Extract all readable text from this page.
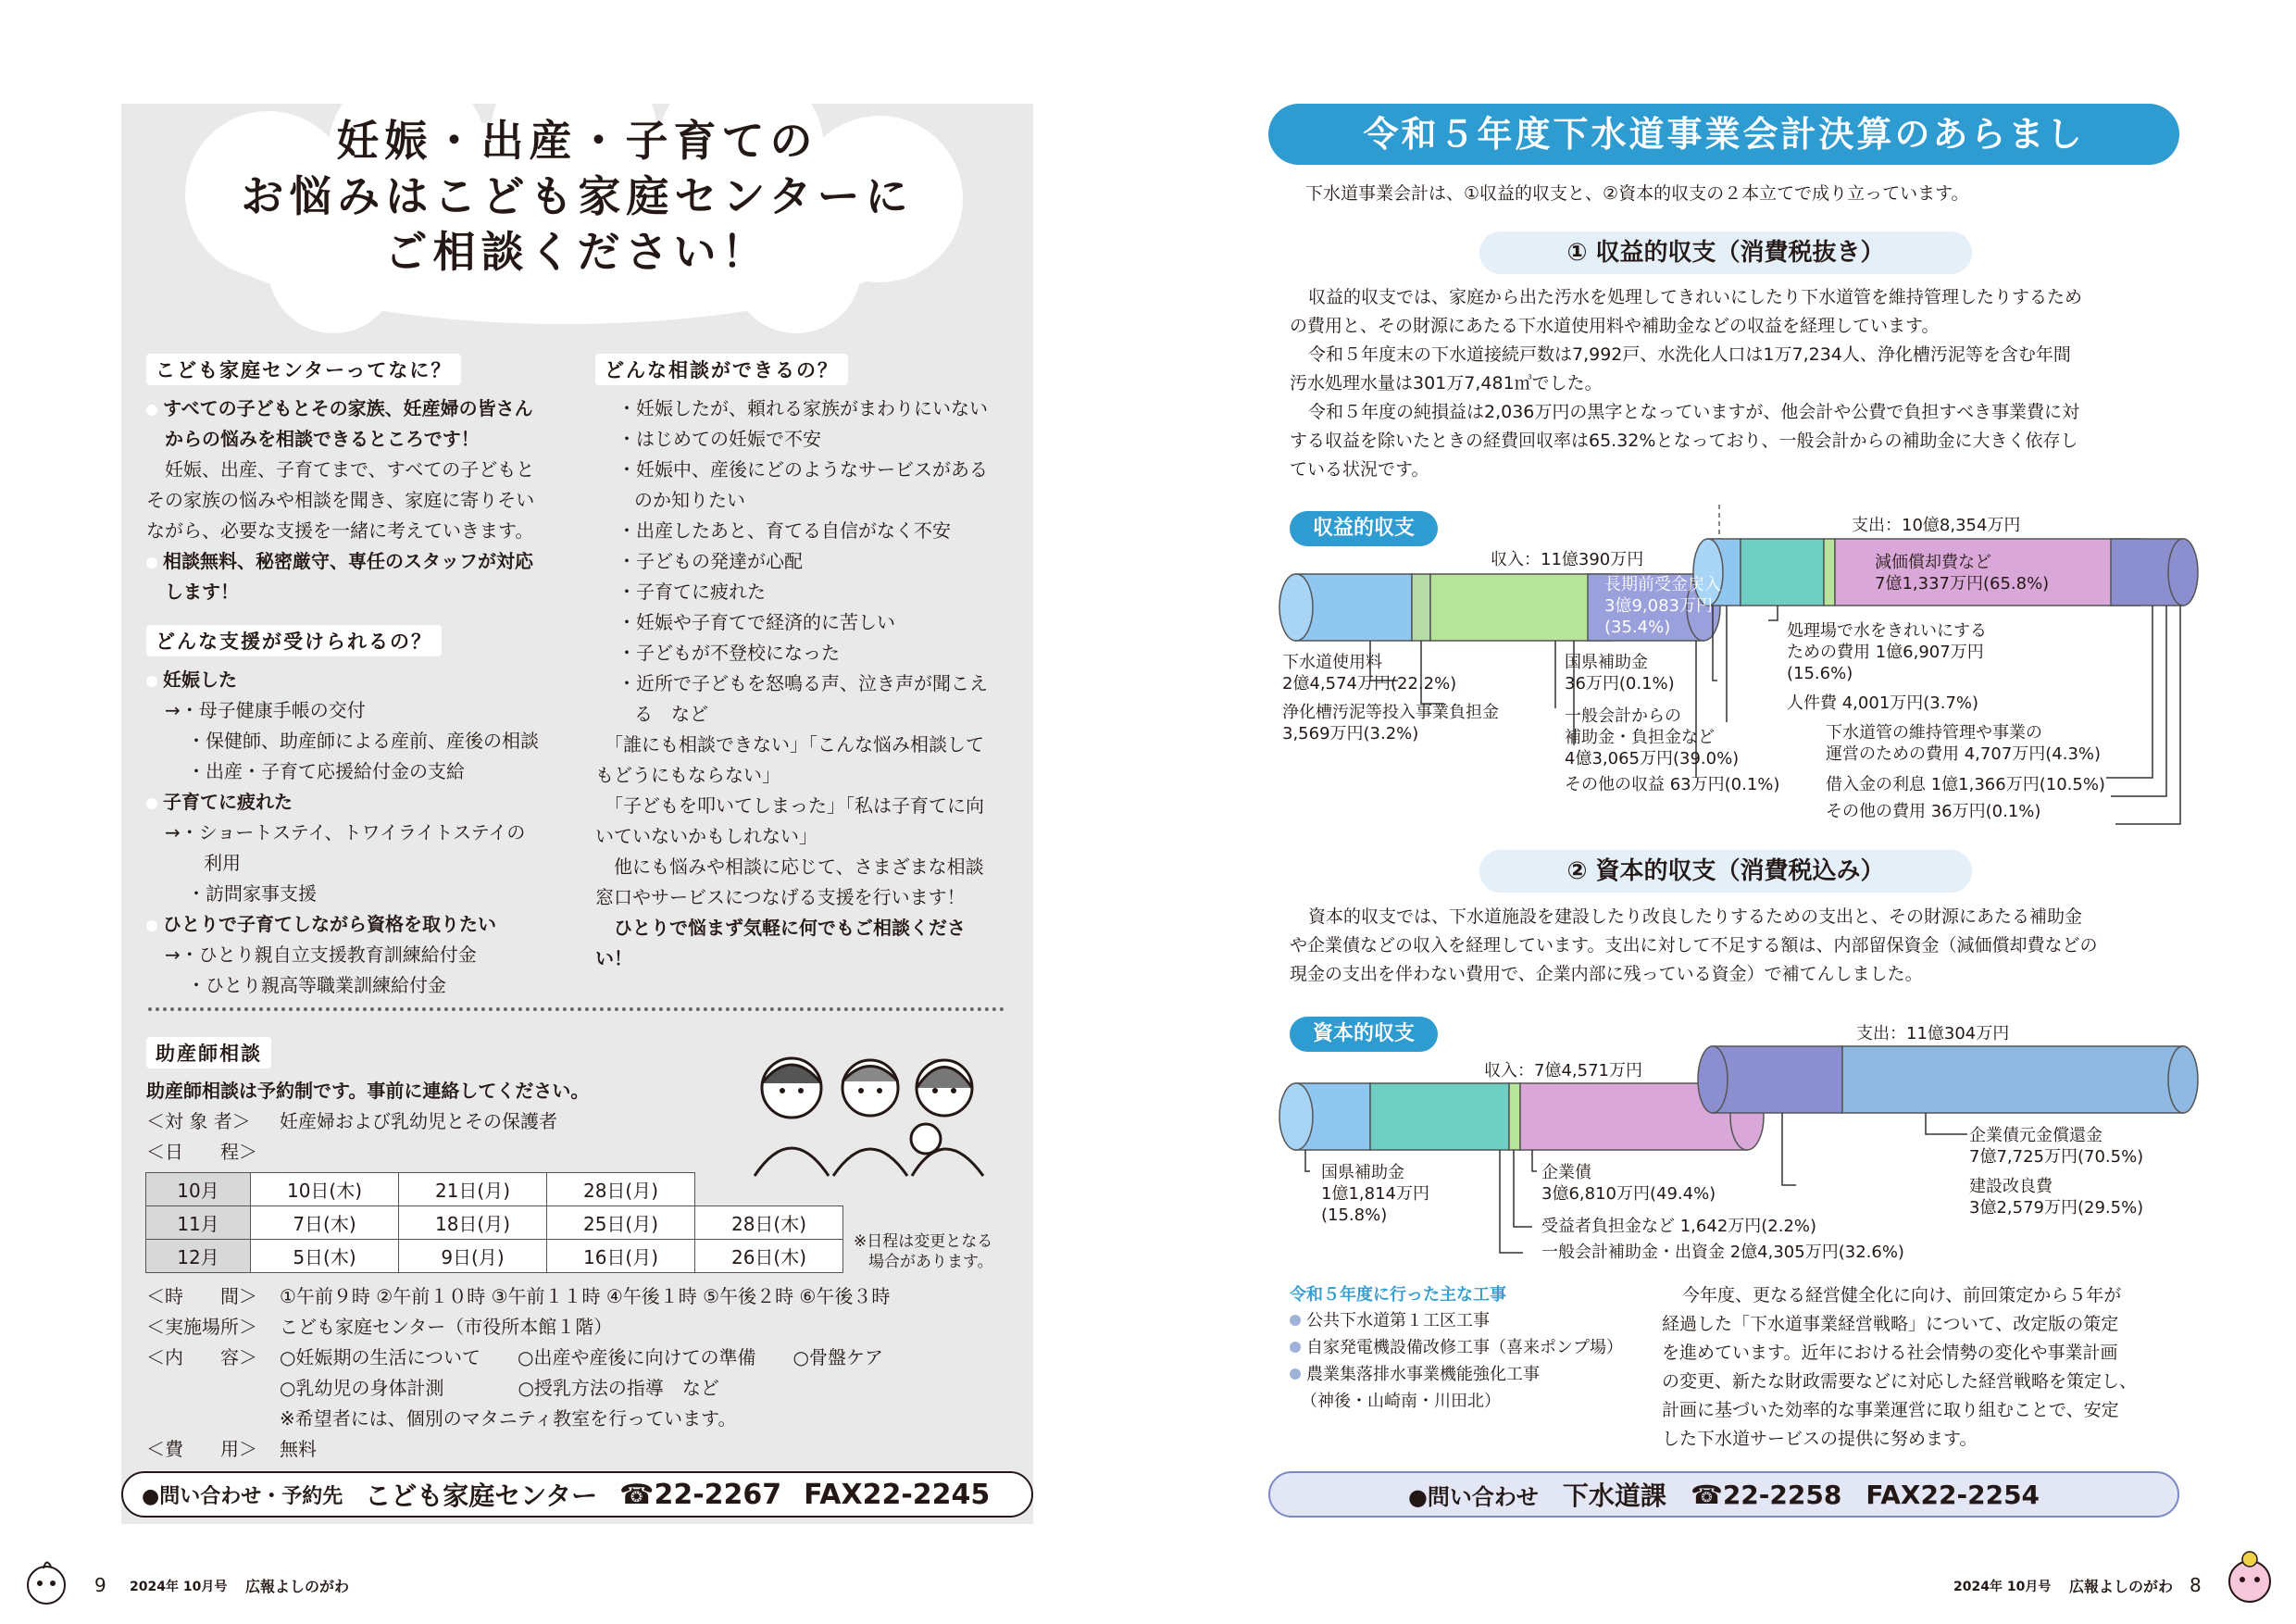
妊娠・出産・子育ての
お悩みはこども家庭センターに
ご相談ください！
こども家庭センターってなに？
すべての子どもとその家族、妊産婦の皆さん
からの悩みを相談できるところです！
妊娠、出産、子育てまで、すべての子どもと
その家族の悩みや相談を聞き、家庭に寄りそい
ながら、必要な支援を一緒に考えていきます。
相談無料、秘密厳守、専任のスタッフが対応
します！
どんな支援が受けられるの？
妊娠した
→・母子健康手帳の交付
・保健師、助産師による産前、産後の相談
・出産・子育て応援給付金の支給
子育てに疲れた
→・ショートステイ、トワイライトステイの
利用
・訪問家事支援
ひとりで子育てしながら資格を取りたい
→・ひとり親自立支援教育訓練給付金
・ひとり親高等職業訓練給付金
どんな相談ができるの？
・妊娠したが、頼れる家族がまわりにいない
・はじめての妊娠で不安
・妊娠中、産後にどのようなサービスがある
のか知りたい
・出産したあと、育てる自信がなく不安
・子どもの発達が心配
・子育てに疲れた
・妊娠や子育てで経済的に苦しい
・子どもが不登校になった
・近所で子どもを怒鳴る声、泣き声が聞こえ
る　など
「誰にも相談できない」「こんな悩み相談して
もどうにもならない」
「子どもを叩いてしまった」「私は子育てに向
いていないかもしれない」
他にも悩みや相談に応じて、さまざまな相談
窓口やサービスにつなげる支援を行います！
ひとりで悩まず気軽に何でもご相談くださ
い！
助産師相談
助産師相談は予約制です。事前に連絡してください。
＜対 象 者＞ 妊産婦および乳幼児とその保護者
＜日　　程＞
10月	10日(木)	21日(月)	28日(月)	
11月	7日(木)	18日(月)	25日(月)	28日(木)
12月	5日(木)	9日(月)	16日(月)	26日(木)
※日程は変更となる
場合があります。
＜時　　間＞ ①午前９時 ②午前１０時 ③午前１１時 ④午後１時 ⑤午後２時 ⑥午後３時
＜実施場所＞ こども家庭センター（市役所本館１階）
＜内　　容＞ ○妊娠期の生活について　　○出産や産後に向けての準備　　○骨盤ケア
○乳幼児の身体計測　　　　○授乳方法の指導　など
※希望者には、個別のマタニティ教室を行っています。
＜費　　用＞ 無料
●問い合わせ・予約先 こども家庭センター ☎22-2267 FAX22-2245
9 2024年 10月号 広報よしのがわ
令和５年度下水道事業会計決算のあらまし
下水道事業会計は、①収益的収支と、②資本的収支の２本立てで成り立っています。
① 収益的収支（消費税抜き）
収益的収支では、家庭から出た汚水を処理してきれいにしたり下水道管を維持管理したりするため
の費用と、その財源にあたる下水道使用料や補助金などの収益を経理しています。
令和５年度末の下水道接続戸数は7,992戸、水洗化人口は1万7,234人、浄化槽汚泥等を含む年間
汚水処理水量は301万7,481㎥でした。
令和５年度の純損益は2,036万円の黒字となっていますが、他会計や公費で負担すべき事業費に対
する収益を除いたときの経費回収率は65.32%となっており、一般会計からの補助金に大きく依存し
ている状況です。
収益的収支
収入：11億390万円
支出：10億8,354万円
長期前受金戻入
3億9,083万円
(35.4%)
減価償却費など
7億1,337万円(65.8%)
下水道使用料
2億4,574万円(22.2%)
浄化槽汚泥等投入事業負担金
3,569万円(3.2%)
国県補助金
36万円(0.1%)
一般会計からの
補助金・負担金など
4億3,065万円(39.0%)
その他の収益 63万円(0.1%)
処理場で水をきれいにする
ための費用 1億6,907万円
(15.6%)
人件費 4,001万円(3.7%)
下水道管の維持管理や事業の
運営のための費用 4,707万円(4.3%)
借入金の利息 1億1,366万円(10.5%)
その他の費用 36万円(0.1%)
② 資本的収支（消費税込み）
資本的収支では、下水道施設を建設したり改良したりするための支出と、その財源にあたる補助金
や企業債などの収入を経理しています。支出に対して不足する額は、内部留保資金（減価償却費などの
現金の支出を伴わない費用で、企業内部に残っている資金）で補てんしました。
資本的収支
収入：7億4,571万円
支出：11億304万円
国県補助金
1億1,814万円
(15.8%)
企業債
3億6,810万円(49.4%)
受益者負担金など 1,642万円(2.2%)
一般会計補助金・出資金 2億4,305万円(32.6%)
企業債元金償還金
7億7,725万円(70.5%)
建設改良費
3億2,579万円(29.5%)
令和５年度に行った主な工事
公共下水道第１工区工事
自家発電機設備改修工事（喜来ポンプ場）
農業集落排水事業機能強化工事
（神後・山崎南・川田北）
今年度、更なる経営健全化に向け、前回策定から５年が
経過した「下水道事業経営戦略」について、改定版の策定
を進めています。近年における社会情勢の変化や事業計画
の変更、新たな財政需要などに対応した経営戦略を策定し、
計画に基づいた効率的な事業運営に取り組むことで、安定
した下水道サービスの提供に努めます。
●問い合わせ 下水道課 ☎22-2258 FAX22-2254
2024年 10月号 広報よしのがわ 8
